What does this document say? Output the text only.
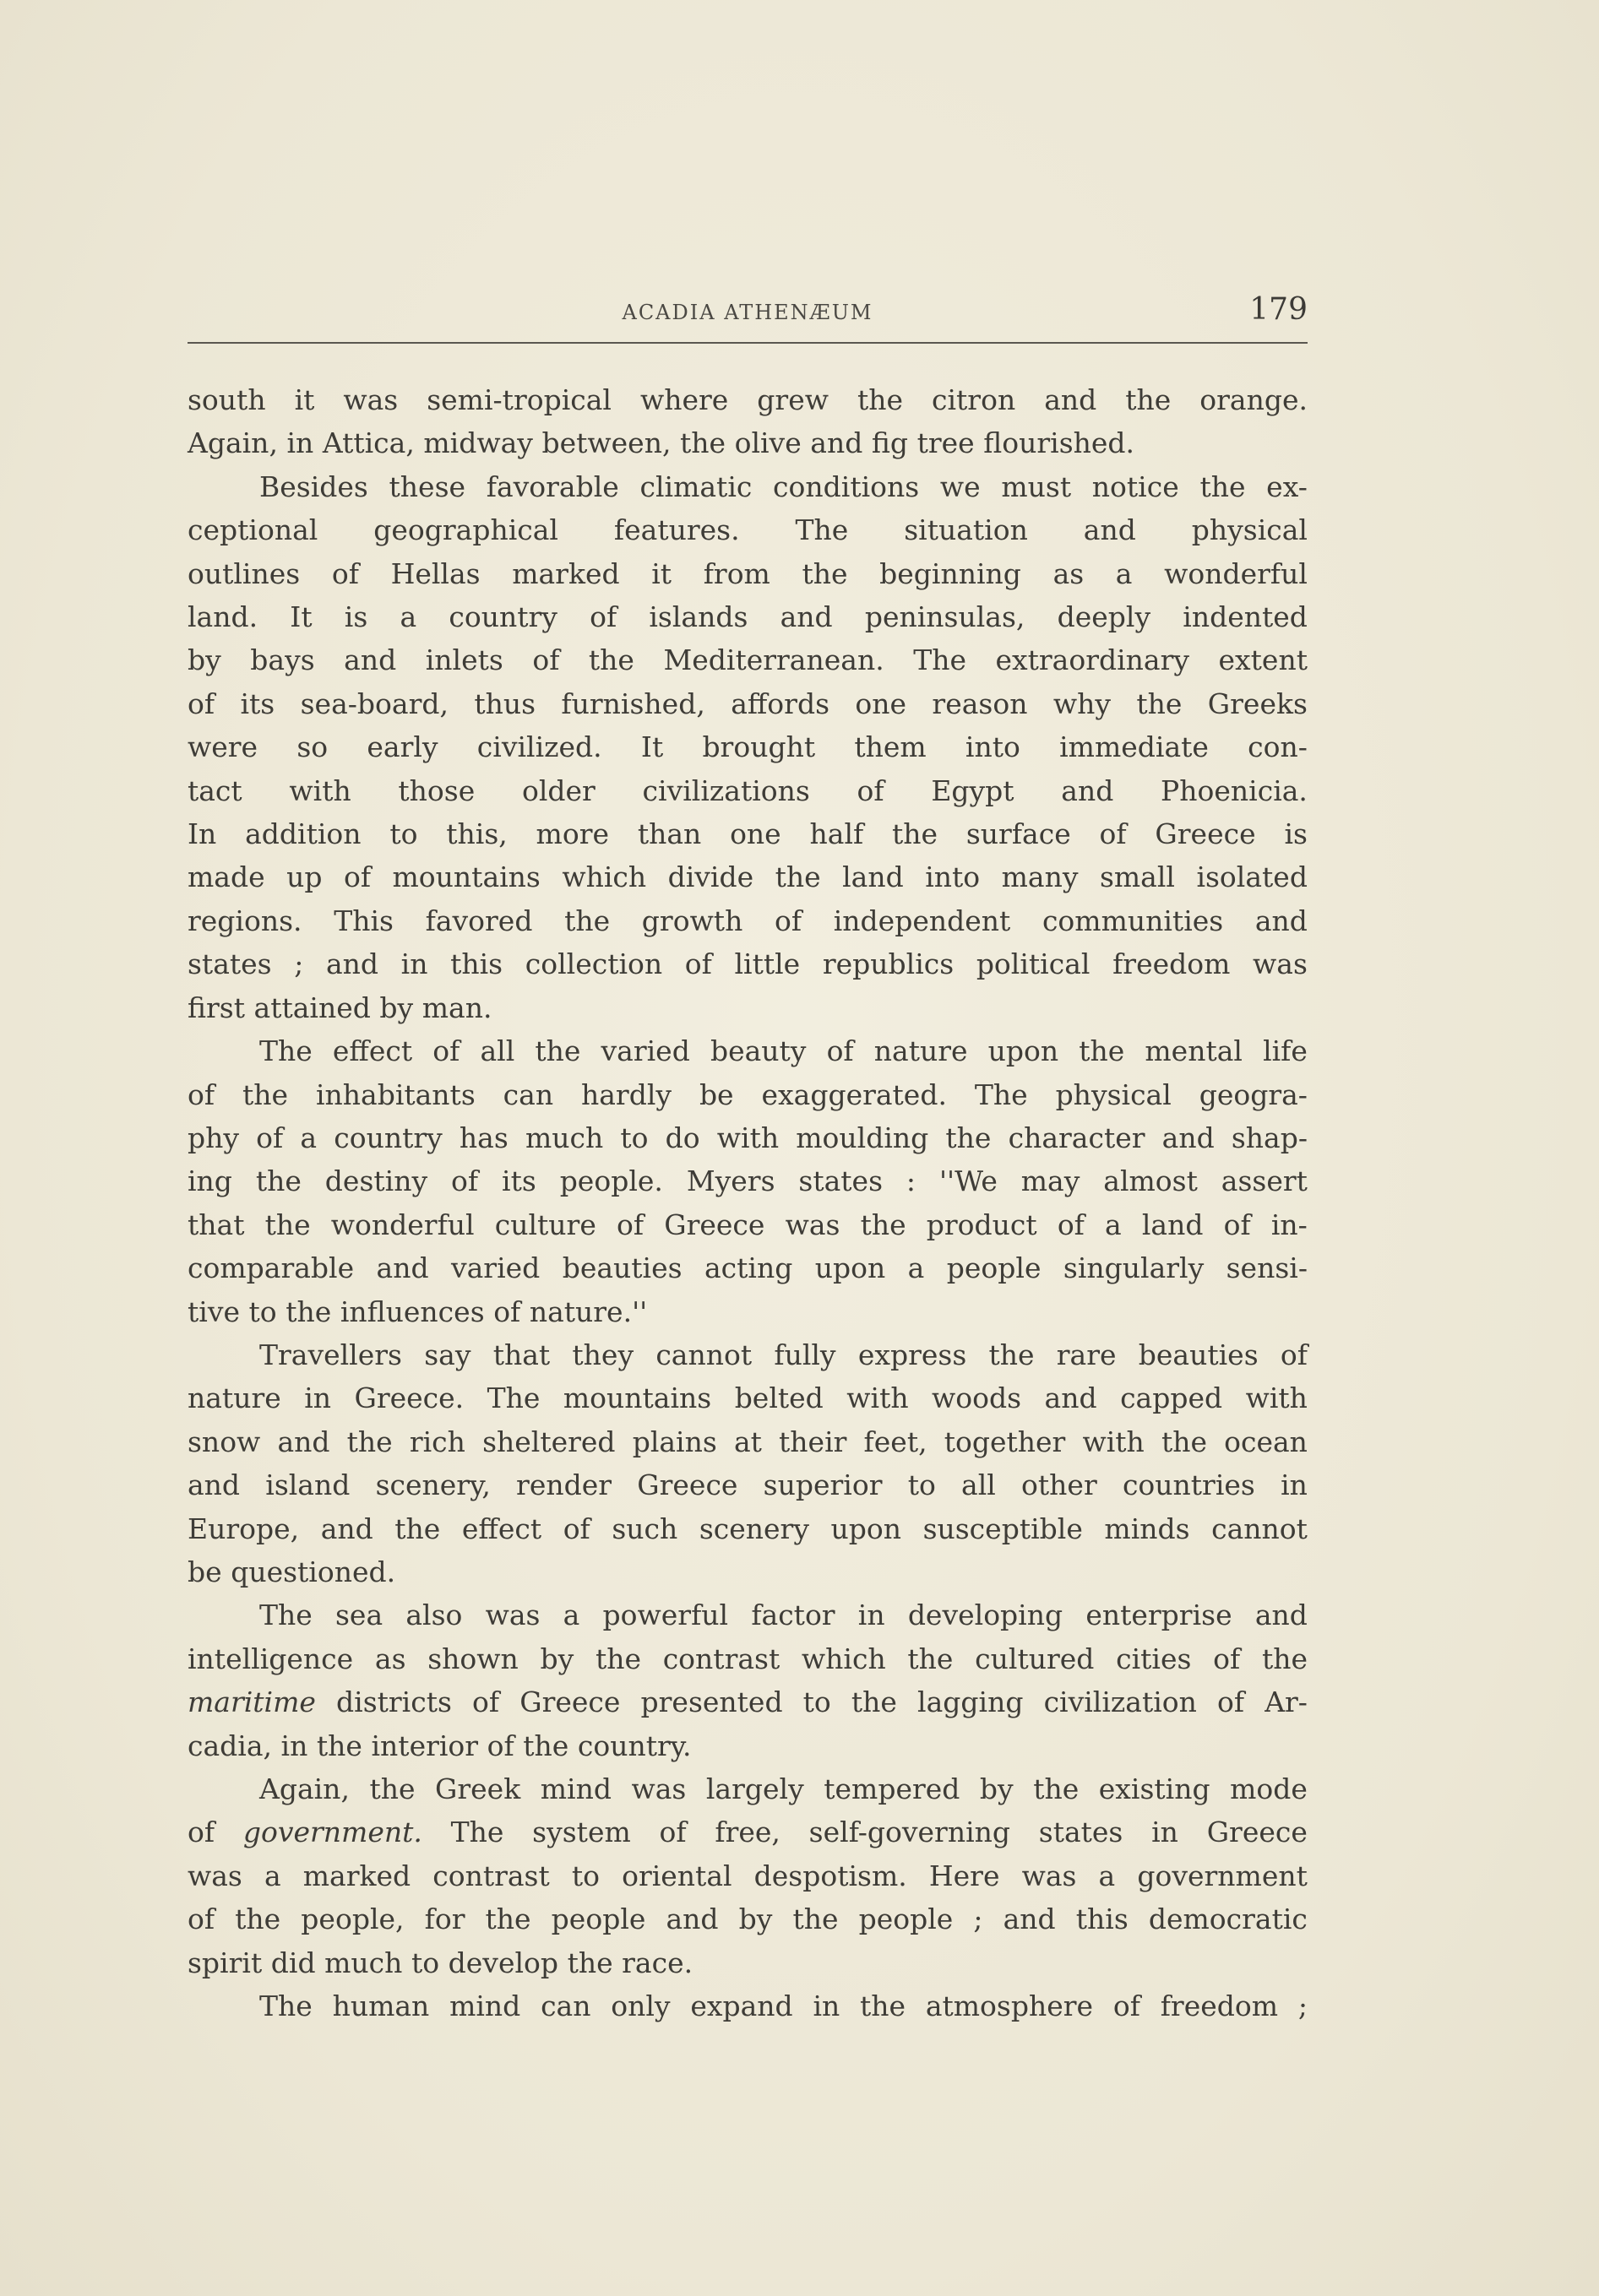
ACADIA ATHENÆUM	179
south it was semi-tropical where grew the citron and the orange.
Again, in Attica, midway between, the olive and fig tree flourished.
Besides these favorable climatic conditions we must notice the ex-
ceptional geographical features. The situation and physical
outlines of Hellas marked it from the beginning as a wonderful
land. It is a country of islands and peninsulas, deeply indented
by bays and inlets of the Mediterranean. The extraordinary extent
of its sea-board, thus furnished, affords one reason why the Greeks
were so early civilized. It brought them into immediate con-
tact with those older civilizations of Egypt and Phoenicia.
In addition to this, more than one half the surface of Greece is
made up of mountains which divide the land into many small isolated
regions. This favored the growth of independent communities and
states ; and in this collection of little republics political freedom was
first attained by man.
The effect of all the varied beauty of nature upon the mental life
of the inhabitants can hardly be exaggerated. The physical geogra-
phy of a country has much to do with moulding the character and shap-
ing the destiny of its people. Myers states : ''We may almost assert
that the wonderful culture of Greece was the product of a land of in-
comparable and varied beauties acting upon a people singularly sensi-
tive to the influences of nature.''
Travellers say that they cannot fully express the rare beauties of
nature in Greece. The mountains belted with woods and capped with
snow and the rich sheltered plains at their feet, together with the ocean
and island scenery, render Greece superior to all other countries in
Europe, and the effect of such scenery upon susceptible minds cannot
be questioned.
The sea also was a powerful factor in developing enterprise and
intelligence as shown by the contrast which the cultured cities of the
maritime districts of Greece presented to the lagging civilization of Ar-
cadia, in the interior of the country.
Again, the Greek mind was largely tempered by the existing mode
of government. The system of free, self-governing states in Greece
was a marked contrast to oriental despotism. Here was a government
of the people, for the people and by the people ; and this democratic
spirit did much to develop the race.
The human mind can only expand in the atmosphere of freedom ;
